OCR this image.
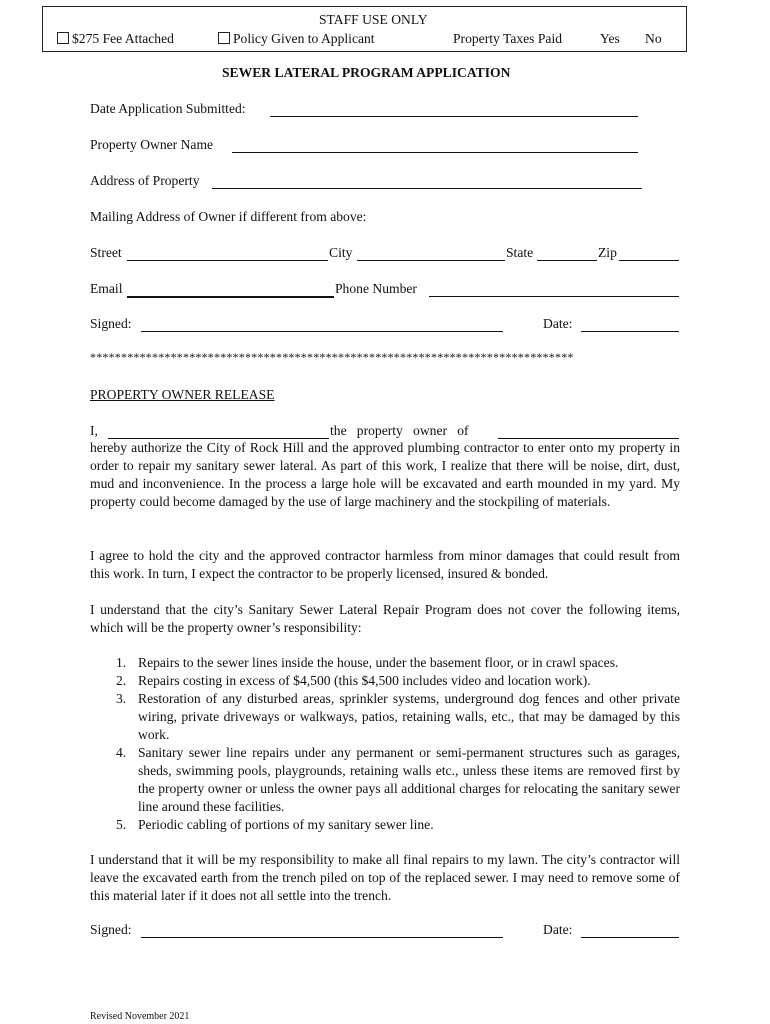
STAFF USE ONLY
$275 Fee Attached	Policy Given to Applicant	Property Taxes Paid	Yes No
SEWER LATERAL PROGRAM APPLICATION
Date Application Submitted:
Property Owner Name
Address of Property
Mailing Address of Owner if different from above:
Street	City	State	Zip
Email	Phone Number
Signed:	Date:
******************************************************************************
PROPERTY OWNER RELEASE
I,	the   property   owner   of
hereby authorize the City of Rock Hill and the approved plumbing contractor to enter onto my property in order to repair my sanitary sewer lateral. As part of this work, I realize that there will be noise, dirt, dust, mud and inconvenience. In the process a large hole will be excavated and earth mounded in my yard. My property could become damaged by the use of large machinery and the stockpiling of materials.
I agree to hold the city and the approved contractor harmless from minor damages that could result from this work. In turn, I expect the contractor to be properly licensed, insured & bonded.
I understand that the city’s Sanitary Sewer Lateral Repair Program does not cover the following items, which will be the property owner’s responsibility:
1. Repairs to the sewer lines inside the house, under the basement floor, or in crawl spaces.
2. Repairs costing in excess of $4,500 (this $4,500 includes video and location work).
3. Restoration of any disturbed areas, sprinkler systems, underground dog fences and other private wiring, private driveways or walkways, patios, retaining walls, etc., that may be damaged by this work.
4. Sanitary sewer line repairs under any permanent or semi-permanent structures such as garages, sheds, swimming pools, playgrounds, retaining walls etc., unless these items are removed first by the property owner or unless the owner pays all additional charges for relocating the sanitary sewer line around these facilities.
5. Periodic cabling of portions of my sanitary sewer line.
I understand that it will be my responsibility to make all final repairs to my lawn. The city’s contractor will leave the excavated earth from the trench piled on top of the replaced sewer. I may need to remove some of this material later if it does not all settle into the trench.
Signed:	Date:
Revised November 2021
